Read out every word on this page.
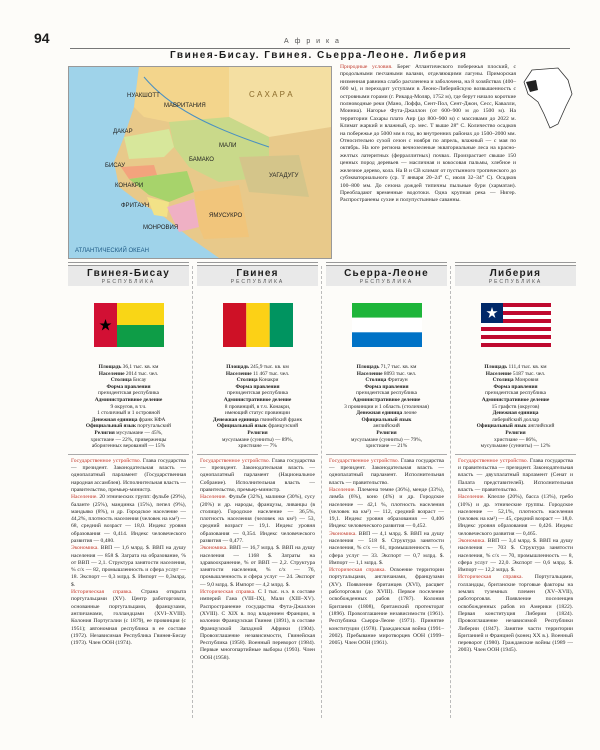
94	А ф р и к а
Гвинея-Бисау. Гвинея. Сьерра-Леоне. Либерия
МАВРИТАНИЯ
НУАКШОТТ
ДАКАР
МАЛИ
БАМАКО
БИСАУ
КОНАКРИ
ФРИТАУН
МОНРОВИЯ
ЯМУСУКРО
УАГАДУГУ
С А Х А Р А
АТЛАНТИЧЕСКИЙ ОКЕАН
Природные условия. Берег Атлантического побережья плоский, с продольными песчаными валами, отделяющими лагуны. Приморская низменная равнина слабо расчленена и заболочена, на 8 хозяйствах (400–600 м), и переходит уступами в Леоно-Либерийскую возвышенность с островными горами (г. Рикард-Моляр, 1752 м), где берут начало короткие полноводные реки (Мано, Лоффа, Сент-Пол, Сент-Джон, Сесс, Кавалли, Моиниа). Нагорье Фута-Джаллон (от 600–900 м до 1500 м). На территории Сахары плато Аир (до 800–900 м) с массивами до 2022 м. Климат жаркий и влажный, ср. мес. Т выше 28° С. Количество осадков на побережье до 5000 мм в год, во внутренних районах до 1500–2000 мм. Относительно сухой сезон с ноября по апрель, влажный — с мая по октябрь. На юге региона вечнозеленые экваториальные леса на красно-желтых латеритных (ферраллитных) почвах. Произрастает свыше 150 ценных пород деревьев — масличная и кокосовая пальмы, хлебное и железное дерево, кола. На В и СВ климат от пустынного тропического до субэкваториального (ср. Т января 20–24° С, июля 32–34° С). Осадков 100–800 мм. До сезона дождей типичны пыльные бури (харматан). Преобладают временные водотоки. Одна крупная река — Нигер. Распространены сухие и полупустынные саванны.
Гвинея-Бисау
РЕСПУБЛИКА
Площадь 36,1 тыс. кв. км
Население 2014 тыс. чел.
Столица Бисау
Форма правления
президентская республика
Административное деление
9 округов, в т.ч.
1 столичный и 1 островной
Денежная единица франк КФА
Официальный язык португальский
Религия мусульмане — 45%,
христиане — 22%, приверженцы
аборигенных верований — 15%
Государственное устройство. Глава государства — президент. Законодательная власть — однопалатный парламент (Государственная народная ассамблея). Исполнительная власть — правительство, премьер-министр.
Население. 20 этнических групп: фульбе (29%), баланте (25%), мандинка (15%), пепел (9%), мандьяко (8%), и др. Городское население — 44,2%, плотность населения (человек на км²) — 68, средний возраст — 18,0. Индекс уровня образования — 0,414. Индекс человеческого развития — 0,480.
Экономика. ВВП — 1,6 млрд. $. ВВП на душу населения — 858 $. Заграта на образование, % от ВВП — 2,1. Структура занятости населения, % с/х — 82, промышленность и сфера услуг — 18. Экспорт — 0,3 млрд. $. Импорт — 0,3млрд. $.
Историческая справка. Страна открыта португальцами (XV). Центр работорговли, основанные португальцами, французами, англичанами, голландцами (XVI–XVIII). Колония Португалии (с 1879), ее провинция (с 1951); автономная республика в ее составе (1972). Независимая Республика Гвинея-Бисау (1973). Член ООН (1974).
Гвинея
РЕСПУБЛИКА
Площадь 245,9 тыс. кв. км
Население 11 467 тыс. чел.
Столица Конакри
Форма правления
президентская республика
Административное деление
8 провинций, в т.ч. Конакри,
имеющий статус провинции
Денежная единица гвинейский франк
Официальный язык французский
Религия
мусульмане (сунниты) — 89%,
христиане — 7%
Государственное устройство. Глава государства — президент. Законодательная власть — однопалатный парламент (Национальное Собрание). Исполнительная власть — правительство, премьер-министр.
Население. Фульбе (32%), малинке (30%), сусу (20%) и др. народы, французы, ливанцы (в столице). Городское население — 36,5%, плотность населения (человек на км²) — 53, средний возраст — 19,1. Индекс уровня образования — 0,354. Индекс человеческого развития — 0,477.
Экономика. ВВП — 16,7 млрд. $. ВВП на душу населения — 1168 $. Затраты на здравоохранение, % от ВВП — 2,2. Структура занятости населения, % с/х — 76, промышленность и сфера услуг — 24. Экспорт — 9,0 млрд. $. Импорт — 4,2 млрд. $.
Историческая справка. С I тыс. н.э. в составе империй Гана (VIII–IX), Мали (XIII–XV). Распространение государства Фута-Джаллон (XVIII). С XIX в. под владением Франции, в колонии Французская Гвинея (1891), в составе Французской Западной Африки (1904). Провозглашение независимости, Гвинейская Республика (1958). Военный переворот (1984). Первые многопартийные выборы (1993). Член ООН (1958).
Сьерра-Леоне
РЕСПУБЛИКА
Площадь 71,7 тыс. кв. км
Население 8093 тыс. чел.
Столица Фритаун
Форма правления
президентская республика
Административное деление
3 провинции и 1 область (столичная)
Денежная единица леоне
Официальный язык
английский
Религия
мусульмане (сунниты) — 79%,
христиане — 21%
Государственное устройство. Глава государства — президент. Законодательная власть — однопалатный парламент. Исполнительная власть — правительство.
Население. Племена темне (36%), менде (33%), лимба (6%), коно (4%) и др. Городское население — 42,1 %, плотность населения (человек на км²) — 112, средний возраст — 19,1. Индекс уровня образования — 0,406 Индекс человеческого развития — 0,452.
Экономика. ВВП — 4,1 млрд. $. ВВП на душу населения — 518 $. Структура занятости населения, % с/х — 61, промышленность — 6, сфера услуг — 33. Экспорт — 0,7 млрд. $. Импорт — 1,1 млрд. $.
Историческая справка. Освоение территории португальцами, англичанами, французами (XV). Появление британцев (XVI), расцвет работорговли (до XVIII). Первое поселение освобожденных рабов (1787). Колония Британии (1808), британский протекторат (1896). Провозглашение независимости (1961). Республика Сьерра-Леоне (1971). Принятие конституции (1978). Гражданская война (1991–2002). Пребывание миротворцев ООН (1999–2005). Член ООН (1961).
Либерия
РЕСПУБЛИКА
Площадь 111,4 тыс. кв. км
Население 5187 тыс. чел.
Столица Монровия
Форма правления
президентская республика
Административное деление
15 графств (округов)
Денежная единица
либерийский доллар
Официальный язык английский
Религия
христиане — 86%,
мусульмане (сунниты) — 12%
Государственное устройство. Глава государства и правительства — президент. Законодательная власть — двухпалатный парламент (Сенат и Палата представителей). Исполнительная власть — правительство.
Население. Кпелле (20%), басса (13%), гребо (10%) и др. этнические группы. Городское население — 52,1%, плотность населения (человек на км²) — 45, средний возраст — 18,0. Индекс уровня образования — 0,426. Индекс человеческого развития — 0,465.
Экономика. ВВП — 3,4 млрд. $. ВВП на душу населения — 703 $. Структура занятости населения, % с/х — 70, промышленность — 8, сфера услуг — 22,0. Экспорт — 0,6 млрд. $. Импорт — 12,2 млрд. $.
Историческая справка. Португальцами, голландцы, британские торговые факторы на землях туземных племен (XV–XVII), работорговля. Появление поселенцев освобожденных рабов из Америки (1822). Первая конституция Либерии (1824). Провозглашение независимой Республики Либерии (1847). Занятие части территории Британией и Францией (конец XX в.). Военный переворот (1980). Гражданские войны (1989 — 2003). Член ООН (1945).
